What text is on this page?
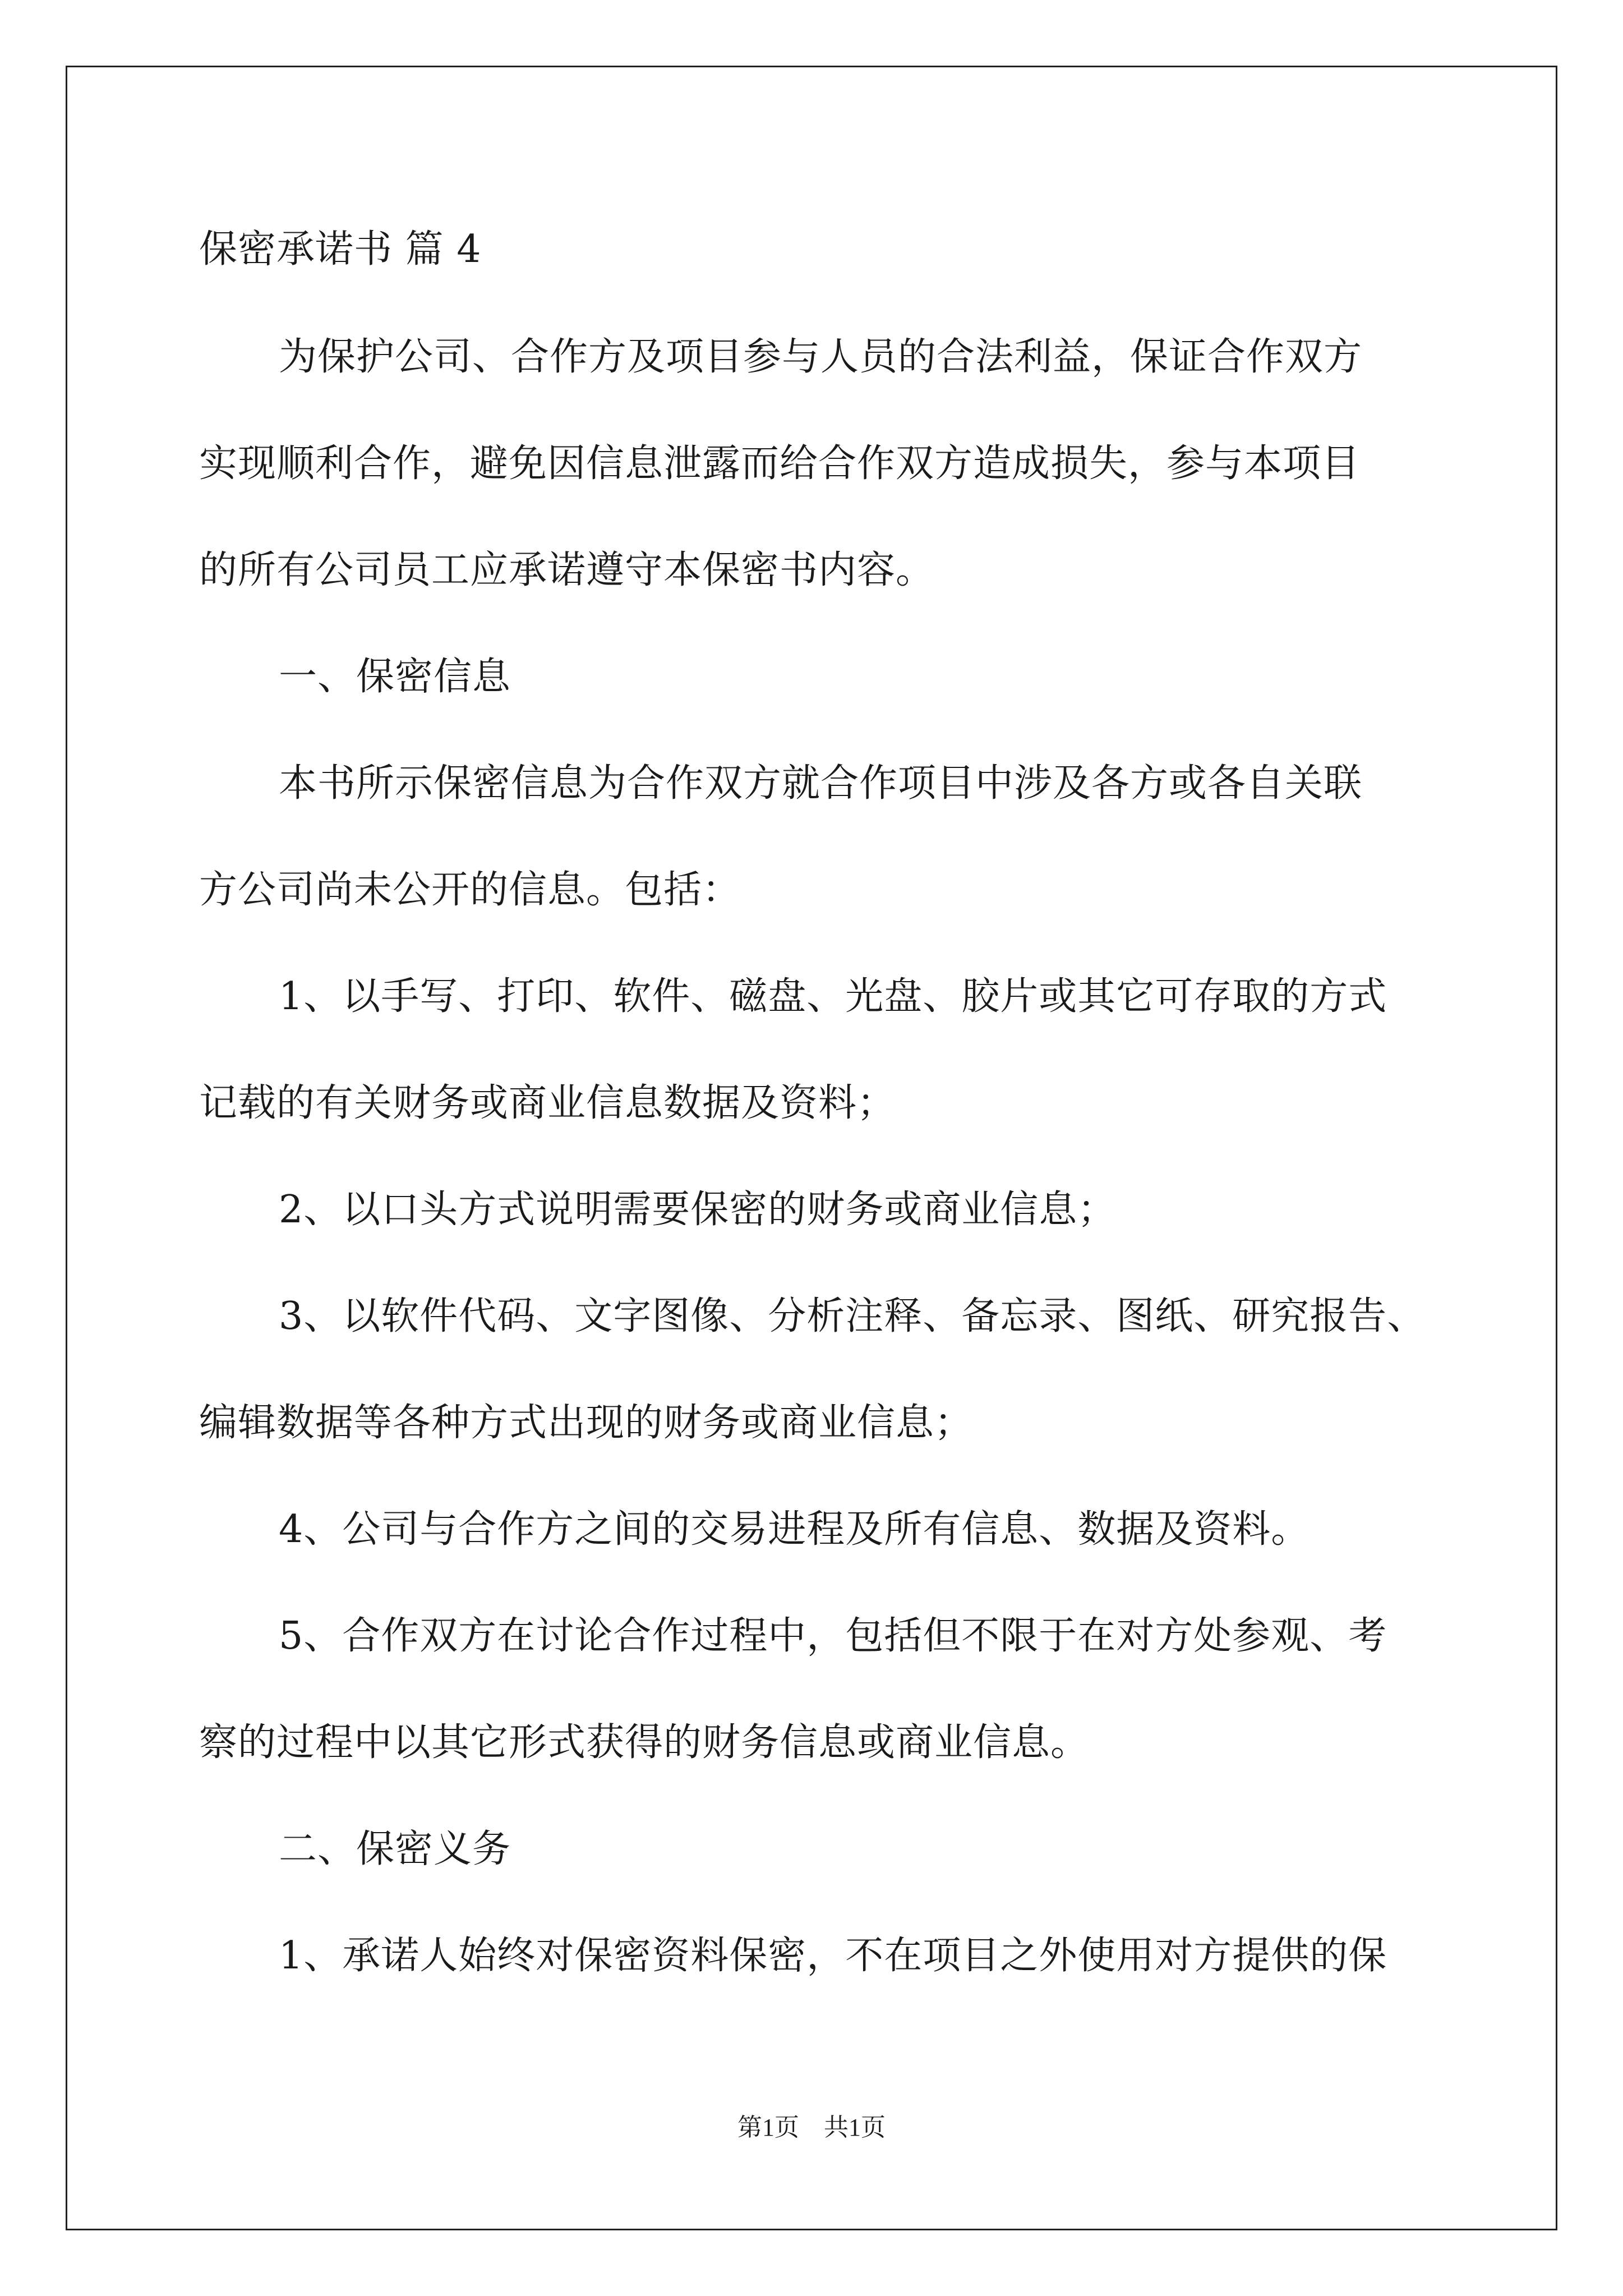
保密承诺书 篇 4
为保护公司、合作方及项目参与人员的合法利益，保证合作双方
实现顺利合作，避免因信息泄露而给合作双方造成损失，参与本项目
的所有公司员工应承诺遵守本保密书内容。
一、保密信息
本书所示保密信息为合作双方就合作项目中涉及各方或各自关联
方公司尚未公开的信息。包括：
1、以手写、打印、软件、磁盘、光盘、胶片或其它可存取的方式
记载的有关财务或商业信息数据及资料；
2、以口头方式说明需要保密的财务或商业信息；
3、以软件代码、文字图像、分析注释、备忘录、图纸、研究报告、
编辑数据等各种方式出现的财务或商业信息；
4、公司与合作方之间的交易进程及所有信息、数据及资料。
5、合作双方在讨论合作过程中，包括但不限于在对方处参观、考
察的过程中以其它形式获得的财务信息或商业信息。
二、保密义务
1、承诺人始终对保密资料保密，不在项目之外使用对方提供的保
第1页　共1页
